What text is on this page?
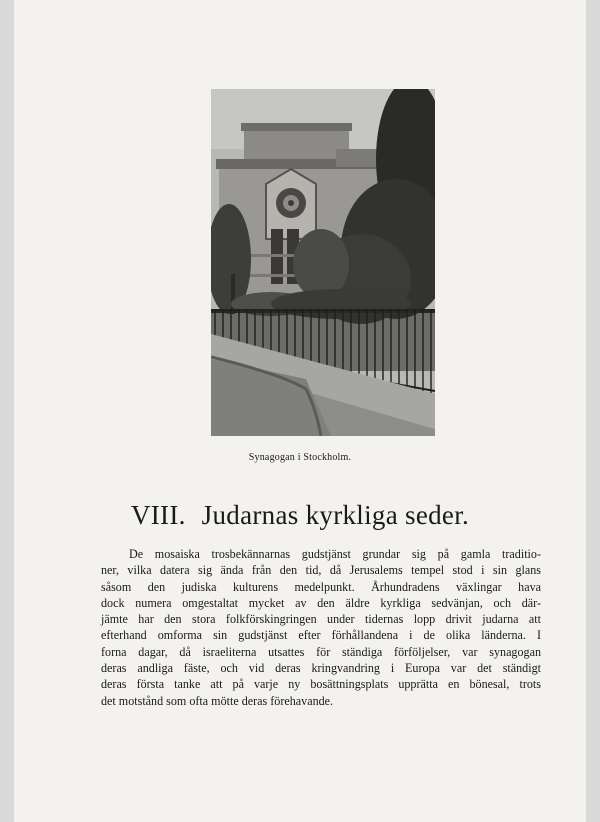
Synagogan i Stockholm.
VIII. Judarnas kyrkliga seder.

De mosaiska trosbekännarnas gudstjänst grundar sig på gamla traditio-
ner, vilka datera sig ända från den tid, då Jerusalems tempel stod i sin glans
såsom den judiska kulturens medelpunkt. Århundradens växlingar hava
dock numera omgestaltat mycket av den äldre kyrkliga sedvänjan, och där-
jämte har den stora folkförskingringen under tidernas lopp drivit judarna att
efterhand omforma sin gudstjänst efter förhållandena i de olika länderna. I
forna dagar, då israeliterna utsattes för ständiga förföljelser, var synagogan
deras andliga fäste, och vid deras kringvandring i Europa var det ständigt
deras första tanke att på varje ny bosättningsplats upprätta en bönesal, trots
det motstånd som ofta mötte deras förehavande.
